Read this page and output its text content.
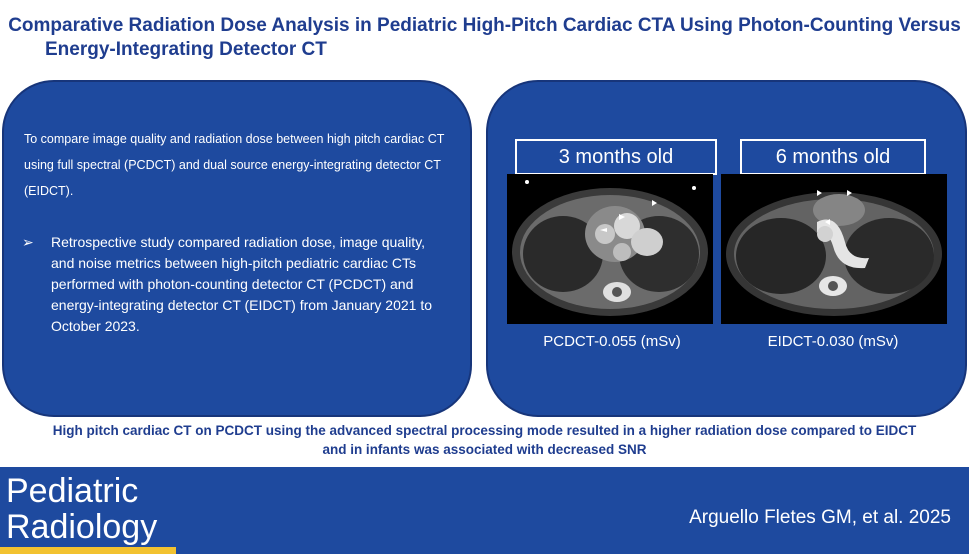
Comparative Radiation Dose Analysis in Pediatric High-Pitch Cardiac CTA Using Photon-Counting Versus
Energy-Integrating Detector CT
To compare image quality and radiation dose between high pitch cardiac CT using full spectral (PCDCT) and dual source energy-integrating detector CT (EIDCT).
➢	Retrospective study compared radiation dose, image quality, and noise metrics between high-pitch pediatric cardiac CTs performed with photon-counting detector CT (PCDCT) and energy-integrating detector CT (EIDCT) from January 2021 to October 2023.
3 months old	6 months old
PCDCT-0.055 (mSv)	EIDCT-0.030 (mSv)
High pitch cardiac CT on PCDCT using the advanced spectral processing mode resulted in a higher radiation dose compared to EIDCT
and in infants was associated with decreased SNR
Pediatric
Radiology	Arguello Fletes GM, et al. 2025
